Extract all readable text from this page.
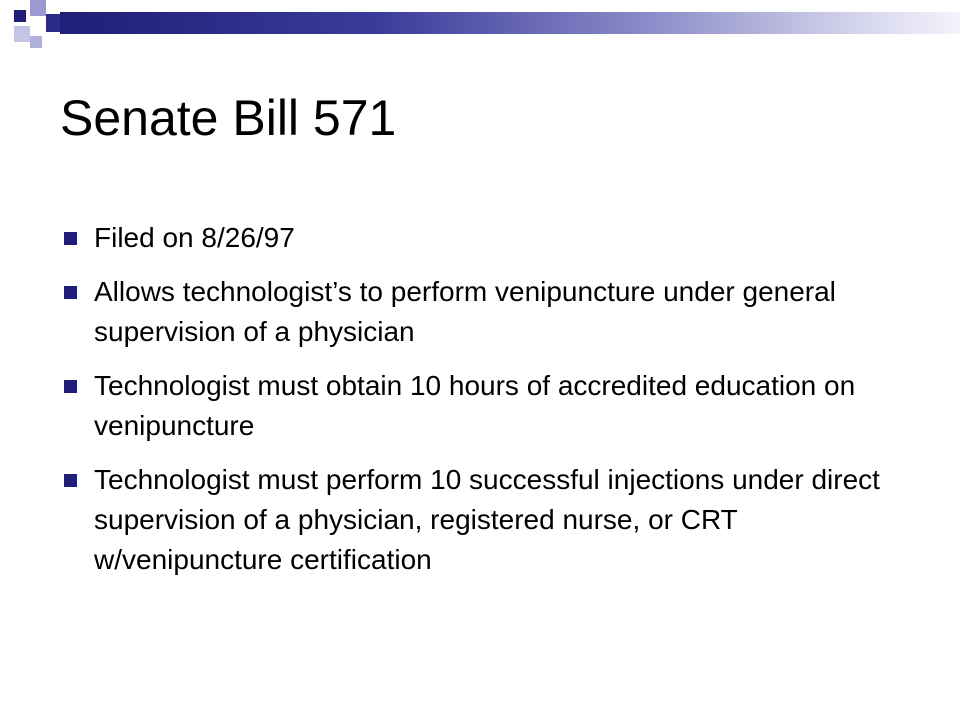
Senate Bill 571
Filed on 8/26/97
Allows technologist’s to perform venipuncture under general supervision of a physician
Technologist must obtain 10 hours of accredited education on venipuncture
Technologist must perform 10 successful injections under direct supervision of a physician, registered nurse, or CRT w/venipuncture certification
